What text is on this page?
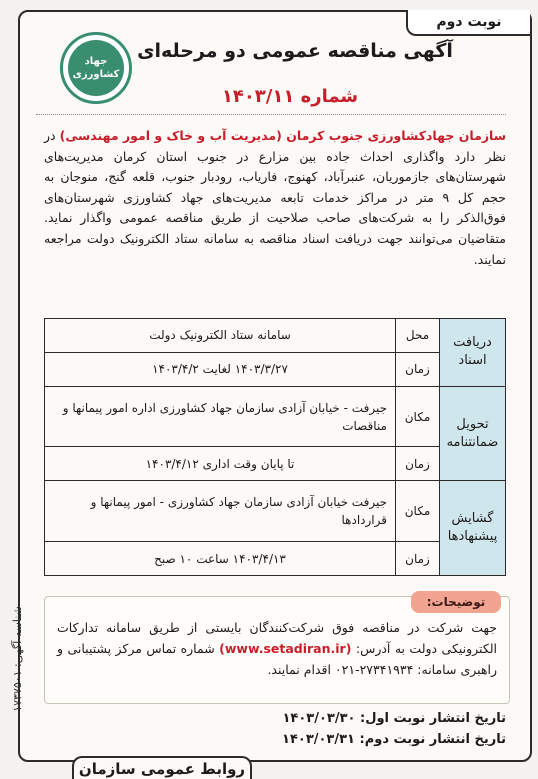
نوبت دوم
جهاد
کشاورزی
آگهی مناقصه عمومی دو مرحله‌ای
شماره ۱۴۰۳/۱۱
سازمان جهادکشاورزی جنوب کرمان (مدیریت آب و خاک و امور مهندسی) در نظر دارد واگذاری احداث جاده بین مزارع در جنوب استان کرمان مدیریت‌های شهرستان‌های جازموریان، عنبرآباد، کهنوج، فاریاب، رودبار جنوب، قلعه گنج، منوجان به حجم کل ۹ متر در مراکز خدمات تابعه مدیریت‌های جهاد کشاورزی شهرستان‌های فوق‌الذکر را به شرکت‌های صاحب صلاحیت از طریق مناقصه عمومی واگذار نماید. متقاضیان می‌توانند جهت دریافت اسناد مناقصه به سامانه ستاد الکترونیک دولت مراجعه نمایند.
دریافت اسناد	محل	سامانه ستاد الکترونیک دولت
	زمان	۱۴۰۳/۳/۲۷ لغایت ۱۴۰۳/۴/۲
تحویل ضمانتنامه	مکان	جیرفت - خیابان آزادی سازمان جهاد کشاورزی اداره امور پیمانها و مناقصات
	زمان	تا پایان وقت اداری ۱۴۰۳/۴/۱۲
گشایش پیشنهادها	مکان	جیرفت خیابان آزادی سازمان جهاد کشاورزی - امور پیمانها و قراردادها
	زمان	۱۴۰۳/۴/۱۳ ساعت ۱۰ صبح
توضیحات:
جهت شرکت در مناقصه فوق شرکت‌کنندگان بایستی از طریق سامانه تدارکات الکترونیکی دولت به آدرس: (www.setadiran.ir) شماره تماس مرکز پشتیبانی و راهبری سامانه: ۲۷۳۴۱۹۳۴-۰۲۱ اقدام نمایند.
تاریخ انتشار نوبت اول: ۱۴۰۳/۰۳/۳۰
تاریخ انتشار نوبت دوم: ۱۴۰۳/۰۳/۳۱
روابط عمومی سازمان
شناسه آگهی: ۱۷۳۷۵۰۱
